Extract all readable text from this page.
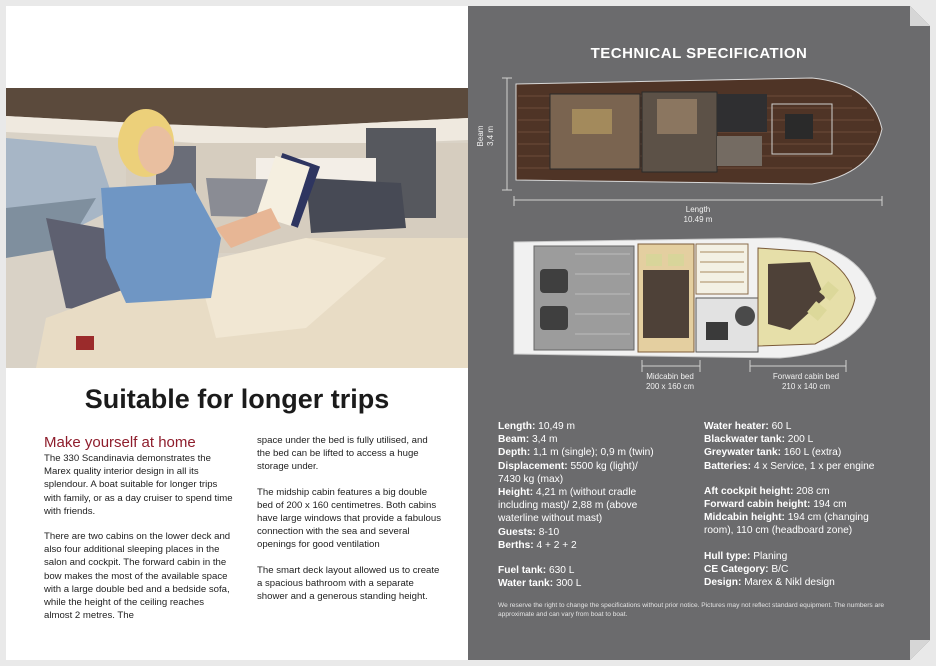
Suitable for longer trips
Make yourself at home

The 330 Scandinavia demonstrates the Marex quality interior design in all its splendour. A boat suitable for longer trips with family, or as a day cruiser to spend time with friends.

There are two cabins on the lower deck and also four additional sleeping places in the salon and cockpit. The forward cabin in the bow makes the most of the available space with a large double bed and a bedside sofa, while the height of the ceiling reaches almost 2 metres. The

space under the bed is fully utilised, and the bed can be lifted to access a huge storage under.

The midship cabin features a big double bed of 200 x 160 centimetres. Both cabins have large windows that provide a fabulous connection with the sea and several openings for good ventilation

The smart deck layout allowed us to create a spacious bathroom with a separate shower and a generous standing height.

TECHNICAL SPECIFICATION
Beam
3,4 m
Length
10.49 m
Midcabin bed
200 x 160 cm
Forward cabin bed
210 x 140 cm
Length: 10,49 m
Beam: 3,4 m
Depth: 1,1 m (single); 0,9 m (twin)
Displacement: 5500 kg (light)/
7430 kg (max)
Height: 4,21 m (without cradle
including mast)/ 2,88 m (above
waterline without mast)
Guests: 8-10
Berths: 4 + 2 + 2
Fuel tank: 630 L
Water tank: 300 L
Water heater: 60 L
Blackwater tank: 200 L
Greywater tank: 160 L (extra)
Batteries: 4 x Service, 1 x per engine
Aft cockpit height: 208 cm
Forward cabin height: 194 cm
Midcabin height: 194 cm (changing
room), 110 cm (headboard zone)
Hull type: Planing
CE Category: B/C
Design: Marex & Nikl design
We reserve the right to change the specifications without prior notice. Pictures may not reflect standard equipment. The numbers are approximate and can vary from boat to boat.
